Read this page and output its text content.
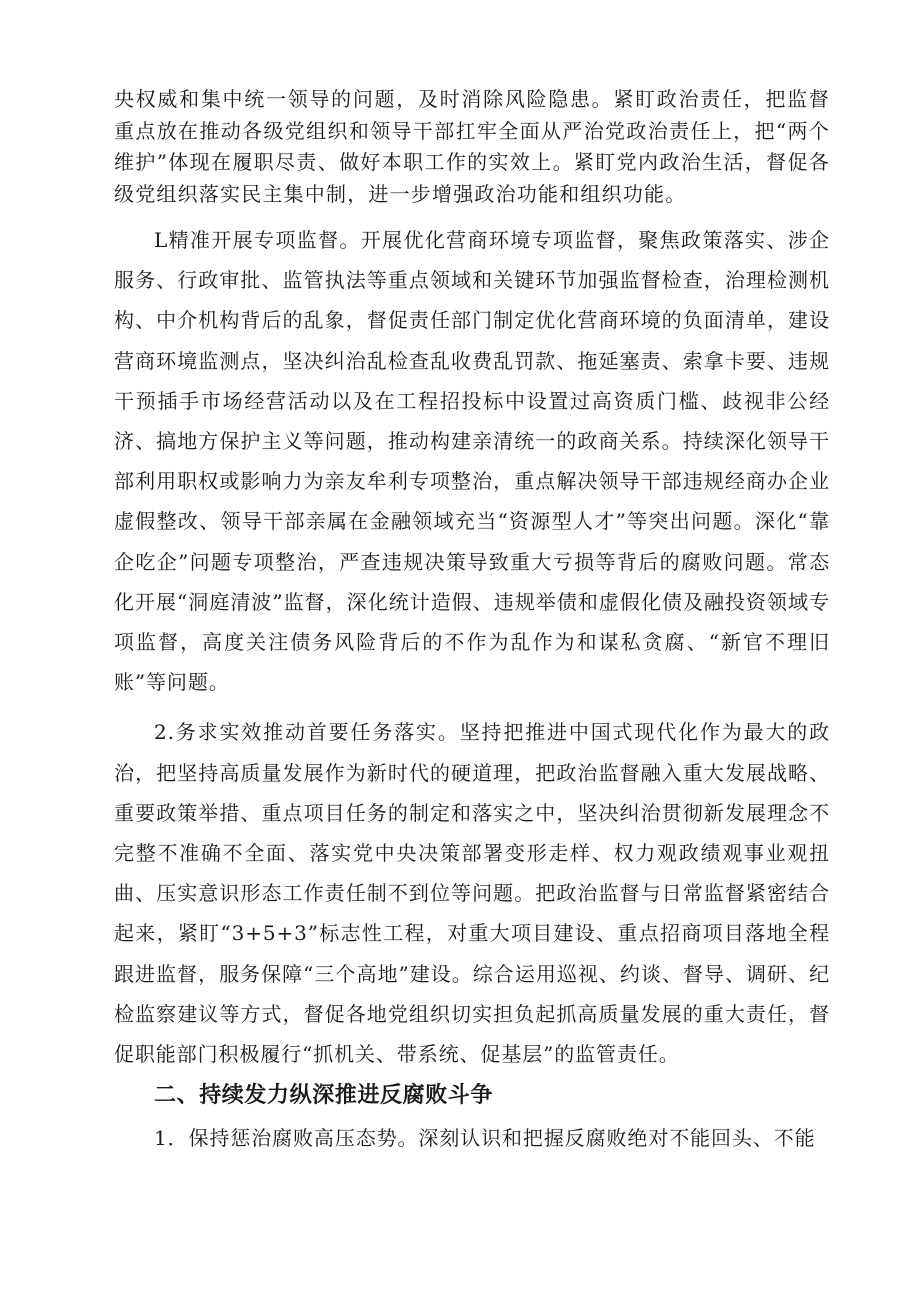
央权威和集中统一领导的问题，及时消除风险隐患。紧盯政治责任，把监督重点放在推动各级党组织和领导干部扛牢全面从严治党政治责任上，把“两个维护”体现在履职尽责、做好本职工作的实效上。紧盯党内政治生活，督促各级党组织落实民主集中制，进一步增强政治功能和组织功能。

L精准开展专项监督。开展优化营商环境专项监督，聚焦政策落实、涉企服务、行政审批、监管执法等重点领域和关键环节加强监督检查，治理检测机构、中介机构背后的乱象，督促责任部门制定优化营商环境的负面清单，建设营商环境监测点，坚决纠治乱检查乱收费乱罚款、拖延塞责、索拿卡要、违规干预插手市场经营活动以及在工程招投标中设置过高资质门槛、歧视非公经济、搞地方保护主义等问题，推动构建亲清统一的政商关系。持续深化领导干部利用职权或影响力为亲友牟利专项整治，重点解决领导干部违规经商办企业虚假整改、领导干部亲属在金融领域充当“资源型人才”等突出问题。深化“靠企吃企”问题专项整治，严查违规决策导致重大亏损等背后的腐败问题。常态化开展“洞庭清波”监督，深化统计造假、违规举债和虚假化债及融投资领域专项监督，高度关注债务风险背后的不作为乱作为和谋私贪腐、“新官不理旧账”等问题。

2.务求实效推动首要任务落实。坚持把推进中国式现代化作为最大的政治，把坚持高质量发展作为新时代的硬道理，把政治监督融入重大发展战略、重要政策举措、重点项目任务的制定和落实之中，坚决纠治贯彻新发展理念不完整不准确不全面、落实党中央决策部署变形走样、权力观政绩观事业观扭曲、压实意识形态工作责任制不到位等问题。把政治监督与日常监督紧密结合起来，紧盯“3+5+3”标志性工程，对重大项目建设、重点招商项目落地全程跟进监督，服务保障“三个高地”建设。综合运用巡视、约谈、督导、调研、纪检监察建议等方式，督促各地党组织切实担负起抓高质量发展的重大责任，督促职能部门积极履行“抓机关、带系统、促基层”的监管责任。

二、持续发力纵深推进反腐败斗争

1．保持惩治腐败高压态势。深刻认识和把握反腐败绝对不能回头、不能
